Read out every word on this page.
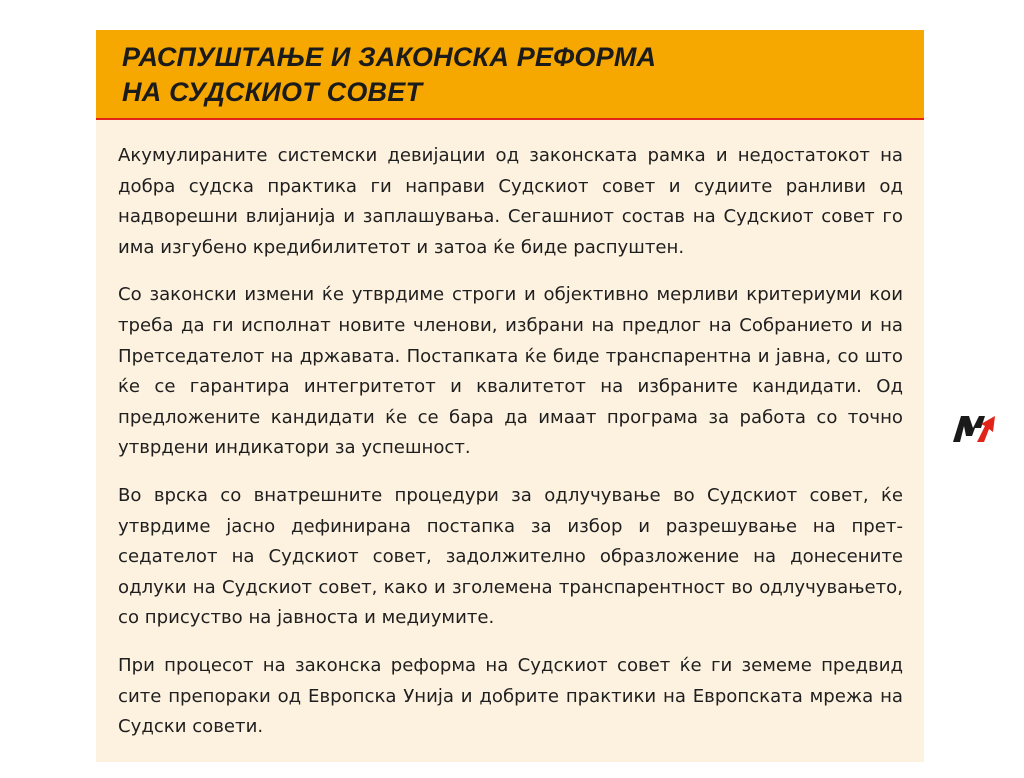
РАСПУШТАЊЕ И ЗАКОНСКА РЕФОРМА
НА СУДСКИОТ СОВЕТ

Акумулираните системски девијации од законската рамка и недостатокот на добра судска практика ги направи Судскиот совет и судиите ранливи од надворешни влијанија и заплашувања. Сегашниот состав на Судскиот совет го има изгубено кредибилитетот и затоа ќе биде распуштен.

Со законски измени ќе утврдиме строги и објективно мерливи критериуми кои треба да ги исполнат новите членови, избрани на предлог на Собранието и на Претседателот на државата. Постапката ќе биде транспарентна и јавна, со што ќе се гарантира интегритетот и квалитетот на избраните кандидати. Од предложените кандидати ќе се бара да имаат програма за работа со точно утврдени индикатори за успешност.

Во врска со внатрешните процедури за одлучување во Судскиот совет, ќе утврдиме јасно дефинирана постапка за избор и разрешување на претседателот на Судскиот совет, задолжително образложение на донесените одлуки на Судскиот совет, како и зголемена транспарентност во одлучувањето, со присуство на јавноста и медиумите.

При процесот на законска реформа на Судскиот совет ќе ги земеме предвид сите препораки од Европска Унија и добрите практики на Европската мрежа на Судски совети.
